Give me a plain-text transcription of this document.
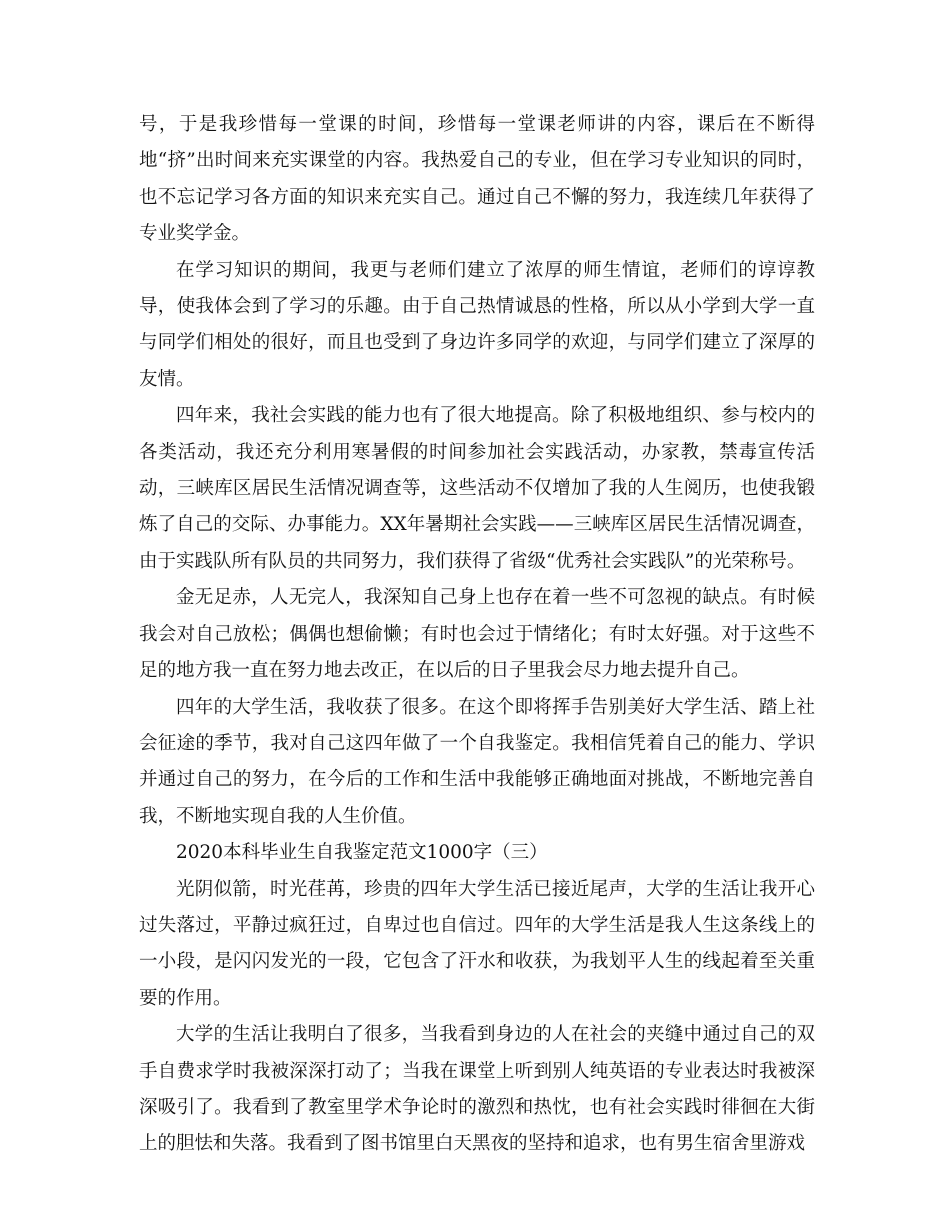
号，于是我珍惜每一堂课的时间，珍惜每一堂课老师讲的内容，课后在不断得地“挤”出时间来充实课堂的内容。我热爱自己的专业，但在学习专业知识的同时，也不忘记学习各方面的知识来充实自己。通过自己不懈的努力，我连续几年获得了专业奖学金。

在学习知识的期间，我更与老师们建立了浓厚的师生情谊，老师们的谆谆教导，使我体会到了学习的乐趣。由于自己热情诚恳的性格，所以从小学到大学一直与同学们相处的很好，而且也受到了身边许多同学的欢迎，与同学们建立了深厚的友情。

四年来，我社会实践的能力也有了很大地提高。除了积极地组织、参与校内的各类活动，我还充分利用寒暑假的时间参加社会实践活动，办家教，禁毒宣传活动，三峡库区居民生活情况调查等，这些活动不仅增加了我的人生阅历，也使我锻炼了自己的交际、办事能力。XX年暑期社会实践——三峡库区居民生活情况调查，由于实践队所有队员的共同努力，我们获得了省级“优秀社会实践队”的光荣称号。

金无足赤，人无完人，我深知自己身上也存在着一些不可忽视的缺点。有时候我会对自己放松；偶偶也想偷懒；有时也会过于情绪化；有时太好强。对于这些不足的地方我一直在努力地去改正，在以后的日子里我会尽力地去提升自己。

四年的大学生活，我收获了很多。在这个即将挥手告别美好大学生活、踏上社会征途的季节，我对自己这四年做了一个自我鉴定。我相信凭着自己的能力、学识并通过自己的努力，在今后的工作和生活中我能够正确地面对挑战，不断地完善自我，不断地实现自我的人生价值。

2020本科毕业生自我鉴定范文1000字（三）

光阴似箭，时光荏苒，珍贵的四年大学生活已接近尾声，大学的生活让我开心过失落过，平静过疯狂过，自卑过也自信过。四年的大学生活是我人生这条线上的一小段，是闪闪发光的一段，它包含了汗水和收获，为我划平人生的线起着至关重要的作用。

大学的生活让我明白了很多，当我看到身边的人在社会的夹缝中通过自己的双手自费求学时我被深深打动了；当我在课堂上听到别人纯英语的专业表达时我被深深吸引了。我看到了教室里学术争论时的激烈和热忱，也有社会实践时徘徊在大街上的胆怯和失落。我看到了图书馆里白天黑夜的坚持和追求，也有男生宿舍里游戏
